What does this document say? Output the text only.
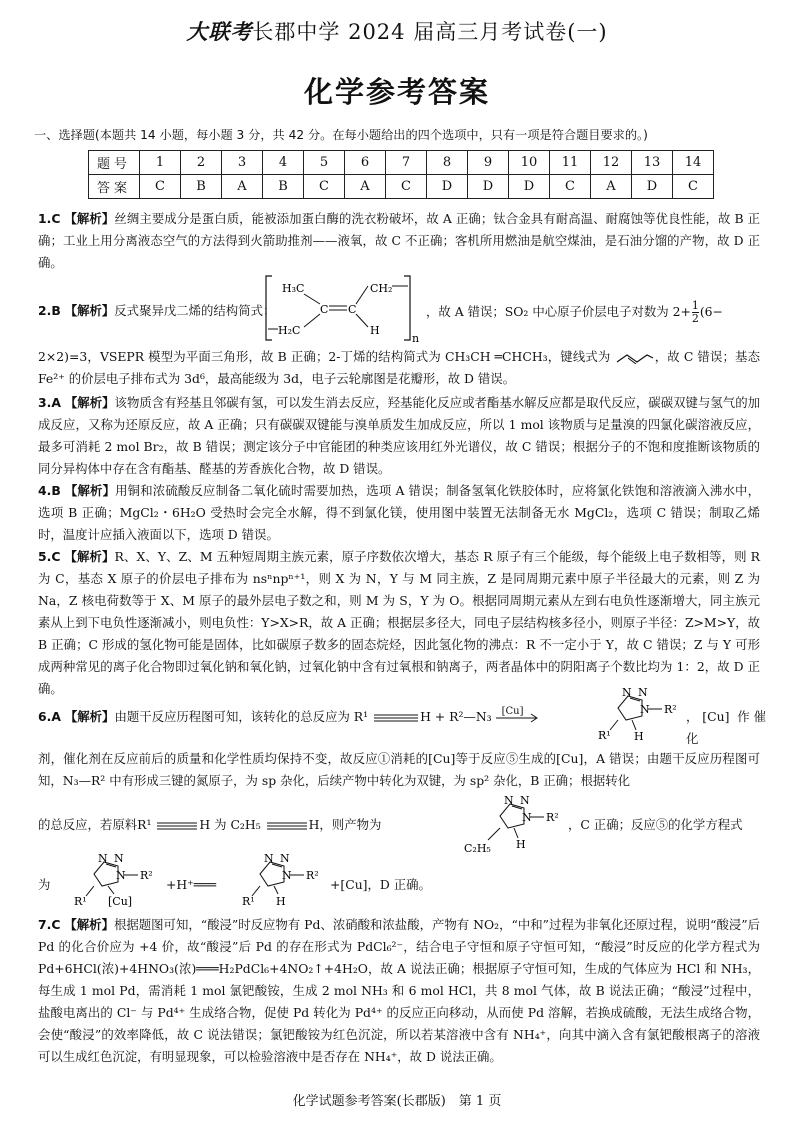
大联考长郡中学 2024 届高三月考试卷(一)
化学参考答案
一、选择题(本题共 14 小题，每小题 3 分，共 42 分。在每小题给出的四个选项中，只有一项是符合题目要求的。)
题号	1	2	3	4	5	6	7	8	9	10	11	12	13	14
答案	C	B	A	B	C	A	C	D	D	D	C	A	D	C
1.C 【解析】丝绸主要成分是蛋白质，能被添加蛋白酶的洗衣粉破坏，故 A 正确；钛合金具有耐高温、耐腐蚀等优良性能，故 B 正确；工业上用分离液态空气的方法得到火箭助推剂——液氧，故 C 不正确；客机所用燃油是航空煤油，是石油分馏的产物，故 D 正确。
2.B 【解析】反式聚异戊二烯的结构简式：
H₃C	CH₂
C C
H₂C	H
n
，故 A 错误；SO₂ 中心原子价层电子对数为 $2+ \frac{1}{2} (6-$
2×2)=3，VSEPR 模型为平面三角形，故 B 正确；2-丁烯的结构简式为 CH₃CH ═CHCH₃，键线式为	，故 C 错误；基态 Fe²⁺ 的价层电子排布式为 3d⁶，最高能级为 3d，电子云轮廓图是花瓣形，故 D 错误。
3.A 【解析】该物质含有羟基且邻碳有氢，可以发生消去反应，羟基能化反应或者酯基水解反应都是取代反应，碳碳双键与氢气的加成反应，又称为还原反应，故 A 正确；只有碳碳双键能与溴单质发生加成反应，所以 1 mol 该物质与足量溴的四氯化碳溶液反应，最多可消耗 2 mol Br₂，故 B 错误；测定该分子中官能团的种类应该用红外光谱仪，故 C 错误；根据分子的不饱和度推断该物质的同分异构体中存在含有酯基、醛基的芳香族化合物，故 D 错误。
4.B 【解析】用铜和浓硫酸反应制备二氧化硫时需要加热，选项 A 错误；制备氢氧化铁胶体时，应将氯化铁饱和溶液滴入沸水中，选项 B 正确；MgCl₂・6H₂O 受热时会完全水解，得不到氯化镁，使用图中装置无法制备无水 MgCl₂，选项 C 错误；制取乙烯时，温度计应插入液面以下，选项 D 错误。
5.C 【解析】R、X、Y、Z、M 五种短周期主族元素，原子序数依次增大，基态 R 原子有三个能级，每个能级上电子数相等，则 R 为 C，基态 X 原子的价层电子排布为 nsⁿnpⁿ⁺¹，则 X 为 N，Y 与 M 同主族，Z 是同周期元素中原子半径最大的元素，则 Z 为 Na，Z 核电荷数等于 X、M 原子的最外层电子数之和，则 M 为 S，Y 为 O。根据同周期元素从左到右电负性逐渐增大，同主族元素从上到下电负性逐渐减小，则电负性：Y>X>R，故 A 正确；根据层多径大，同电子层结构核多径小，则原子半径：Z>M>Y，故 B 正确；C 形成的氢化物可能是固体，比如碳原子数多的固态烷烃，因此氢化物的沸点：R 不一定小于 Y，故 C 错误；Z 与 Y 可形成两种常见的离子化合物即过氧化钠和氧化钠，过氧化钠中含有过氧根和钠离子，两者晶体中的阴阳离子个数比均为 1：2，故 D 正确。
6.A 【解析】由题干反应历程图可知，该转化的总反应为 R¹	H + R²—N₃ [Cu]
N N
N R²
R¹ H
，[Cu] 作催化
剂，催化剂在反应前后的质量和化学性质均保持不变，故反应①消耗的[Cu]等于反应⑤生成的[Cu]，A 错误；由题干反应历程图可知，N₃—R² 中有形成三键的氮原子，为 sp 杂化，后续产物中转化为双键，为 sp² 杂化，B 正确；根据转化
的总反应，若原料R¹	H 为 C₂H₅	H，则产物为
N N
N R²
C₂H₅ H
，C 正确；反应⑤的化学方程式
为
N N
N R²
R¹ [Cu]
+H⁺═══
N N
N R²
R¹ H
+[Cu]，D 正确。
7.C 【解析】根据题图可知，“酸浸”时反应物有 Pd、浓硝酸和浓盐酸，产物有 NO₂，“中和”过程为非氧化还原过程，说明“酸浸”后 Pd 的化合价应为 +4 价，故“酸浸”后 Pd 的存在形式为 PdCl₆²⁻，结合电子守恒和原子守恒可知，“酸浸”时反应的化学方程式为 Pd+6HCl(浓)+4HNO₃(浓)═══H₂PdCl₆+4NO₂↑+4H₂O，故 A 说法正确；根据原子守恒可知，生成的气体应为 HCl 和 NH₃，每生成 1 mol Pd，需消耗 1 mol 氯钯酸铵，生成 2 mol NH₃ 和 6 mol HCl，共 8 mol 气体，故 B 说法正确；“酸浸”过程中，盐酸电离出的 Cl⁻ 与 Pd⁴⁺ 生成络合物，促使 Pd 转化为 Pd⁴⁺ 的反应正向移动，从而使 Pd 溶解，若换成硫酸，无法生成络合物，会使“酸浸”的效率降低，故 C 说法错误；氯钯酸铵为红色沉淀，所以若某溶液中含有 NH₄⁺，向其中滴入含有氯钯酸根离子的溶液可以生成红色沉淀，有明显现象，可以检验溶液中是否存在 NH₄⁺，故 D 说法正确。
化学试题参考答案(长郡版)　第 1 页
